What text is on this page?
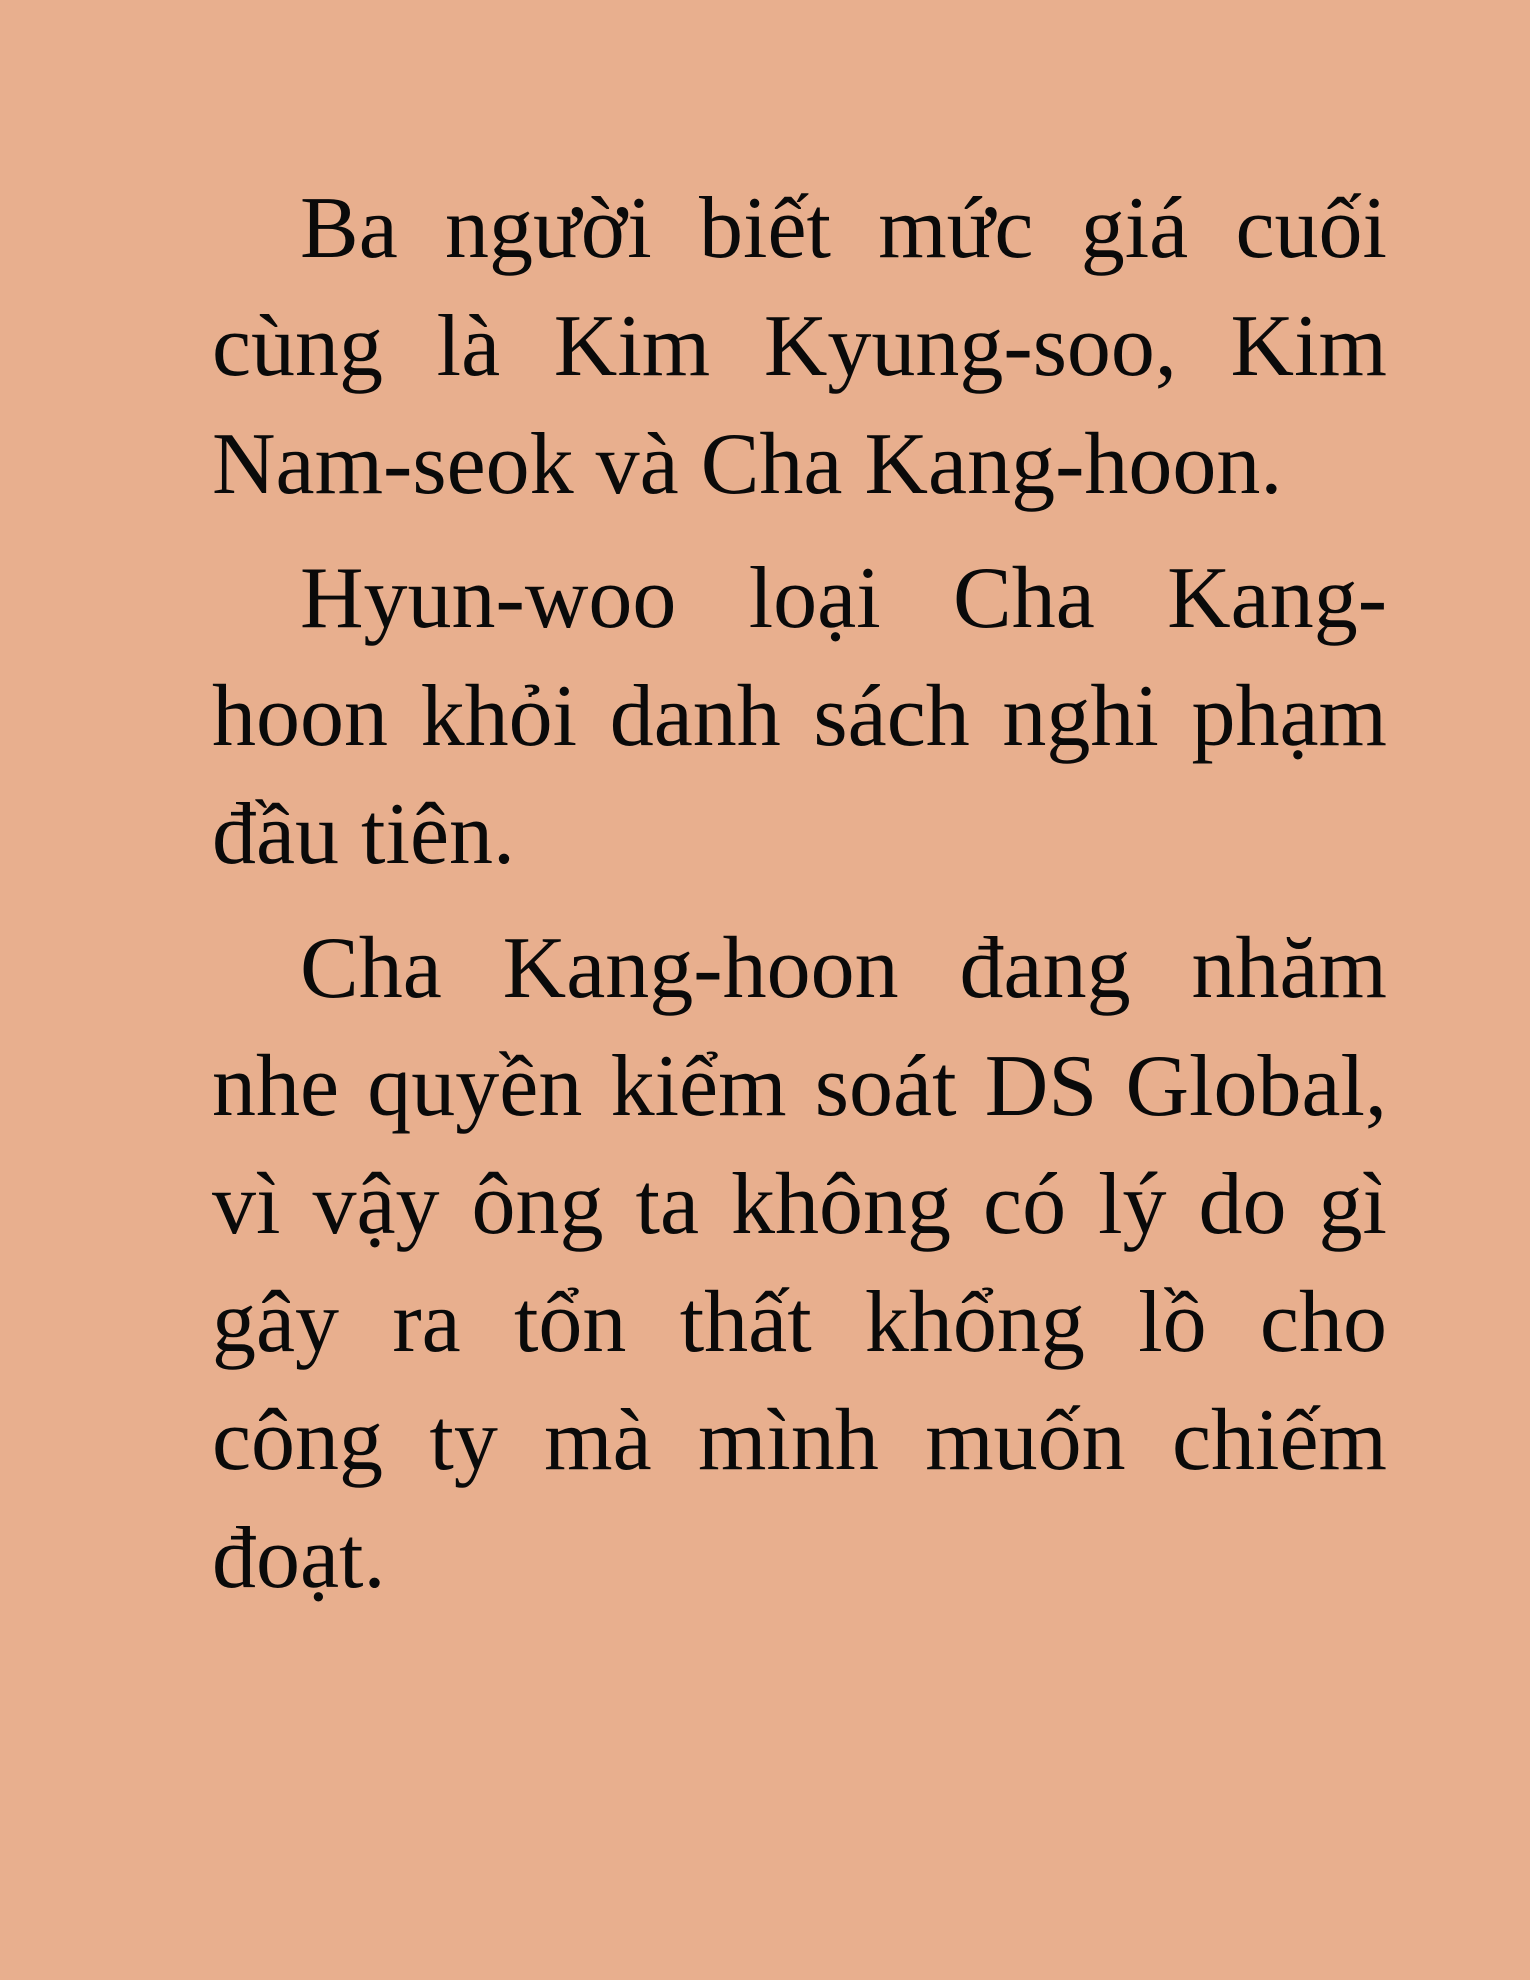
Ba người biết mức giá cuối cùng là Kim Kyung-soo, Kim Nam-seok và Cha Kang-hoon.

Hyun-woo loại Cha Kang-hoon khỏi danh sách nghi phạm đầu tiên.

Cha Kang-hoon đang nhăm nhe quyền kiểm soát DS Global, vì vậy ông ta không có lý do gì gây ra tổn thất khổng lồ cho công ty mà mình muốn chiếm đoạt.
